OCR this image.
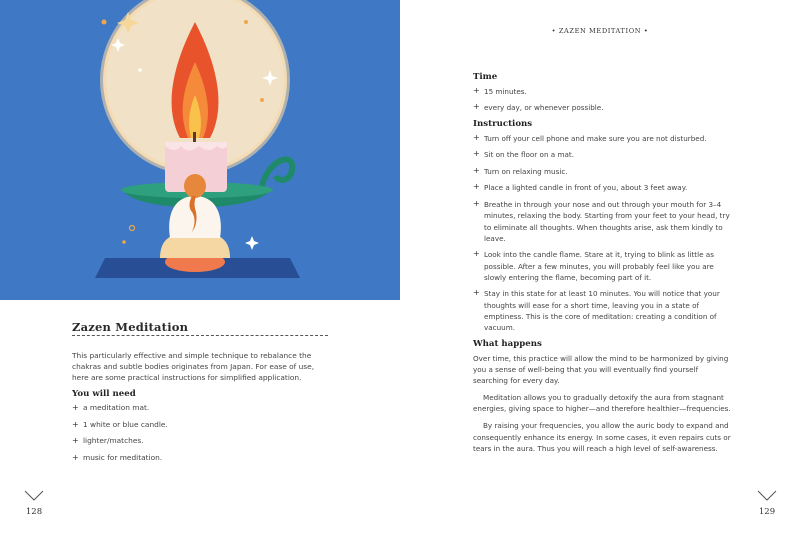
Zazen Meditation

This particularly effective and simple technique to rebalance the chakras and subtle bodies originates from Japan. For ease of use, here are some practical instructions for simplified application.

You will need
+ a meditation mat.
+ 1 white or blue candle.
+ lighter/matches.
+ music for meditation.
128
• ZAZEN MEDITATION •
Time
+ 15 minutes.
+ every day, or whenever possible.
Instructions
+ Turn off your cell phone and make sure you are not disturbed.
+ Sit on the floor on a mat.
+ Turn on relaxing music.
+ Place a lighted candle in front of you, about 3 feet away.
+ Breathe in through your nose and out through your mouth for 3–4 minutes, relaxing the body. Starting from your feet to your head, try to eliminate all thoughts. When thoughts arise, ask them kindly to leave.
+ Look into the candle flame. Stare at it, trying to blink as little as possible. After a few minutes, you will probably feel like you are slowly entering the flame, becoming part of it.
+ Stay in this state for at least 10 minutes. You will notice that your thoughts will ease for a short time, leaving you in a state of emptiness. This is the core of meditation: creating a condition of vacuum.
What happens

Over time, this practice will allow the mind to be harmonized by giving you a sense of well-being that you will eventually find yourself searching for every day.

Meditation allows you to gradually detoxify the aura from stagnant energies, giving space to higher—and therefore healthier—frequencies.

By raising your frequencies, you allow the auric body to expand and consequently enhance its energy. In some cases, it even repairs cuts or tears in the aura. Thus you will reach a high level of self-awareness.

129
